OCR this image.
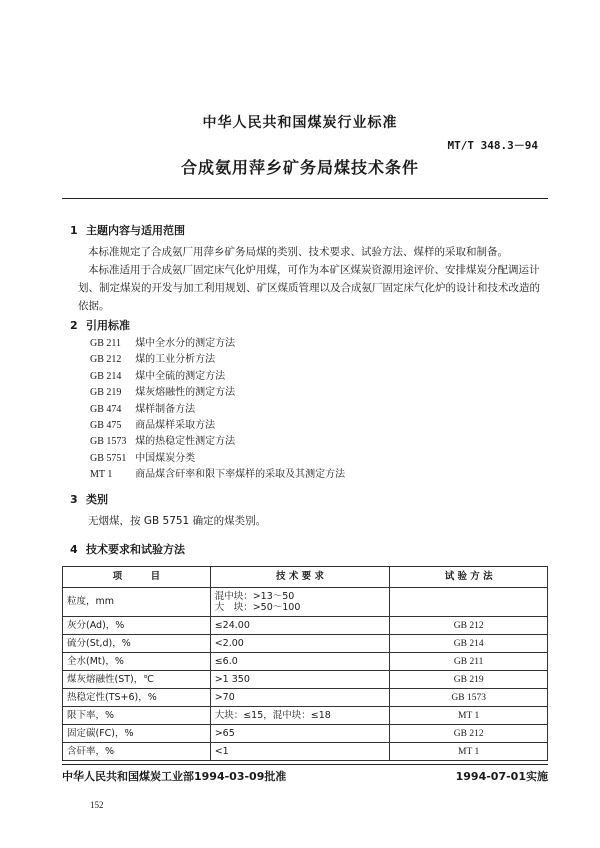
中华人民共和国煤炭行业标准
MT/T 348.3－94
合成氨用萍乡矿务局煤技术条件
1 主题内容与适用范围
本标准规定了合成氨厂用萍乡矿务局煤的类别、技术要求、试验方法、煤样的采取和制备。
本标准适用于合成氨厂固定床气化炉用煤，可作为本矿区煤炭资源用途评价、安排煤炭分配调运计划、制定煤炭的开发与加工利用规划、矿区煤质管理以及合成氨厂固定床气化炉的设计和技术改造的依据。
2 引用标准
GB 211 煤中全水分的测定方法
GB 212 煤的工业分析方法
GB 214 煤中全硫的测定方法
GB 219 煤灰熔融性的测定方法
GB 474 煤样制备方法
GB 475 商品煤样采取方法
GB 1573 煤的热稳定性测定方法
GB 5751 中国煤炭分类
MT 1 商品煤含矸率和限下率煤样的采取及其测定方法
3 类别
无烟煤，按 GB 5751 确定的煤类别。
4 技术要求和试验方法
项　　　目	技 术 要 求	试 验 方 法
粒度，mm	混中块：>13～50
大　块：>50～100	

灰分(Ad)，%	≤24.00	GB 212
硫分(St,d)，%	<2.00	GB 214
全水(Mt)，%	≤6.0	GB 211
煤灰熔融性(ST)，℃	>1 350	GB 219
热稳定性(TS+6)，%	>70	GB 1573
限下率，%	大块：≤15，混中块：≤18	MT 1
固定碳(FC)，%	>65	GB 212
含矸率，%	<1	MT 1
中华人民共和国煤炭工业部1994-03-09批准	1994-07-01实施
152
